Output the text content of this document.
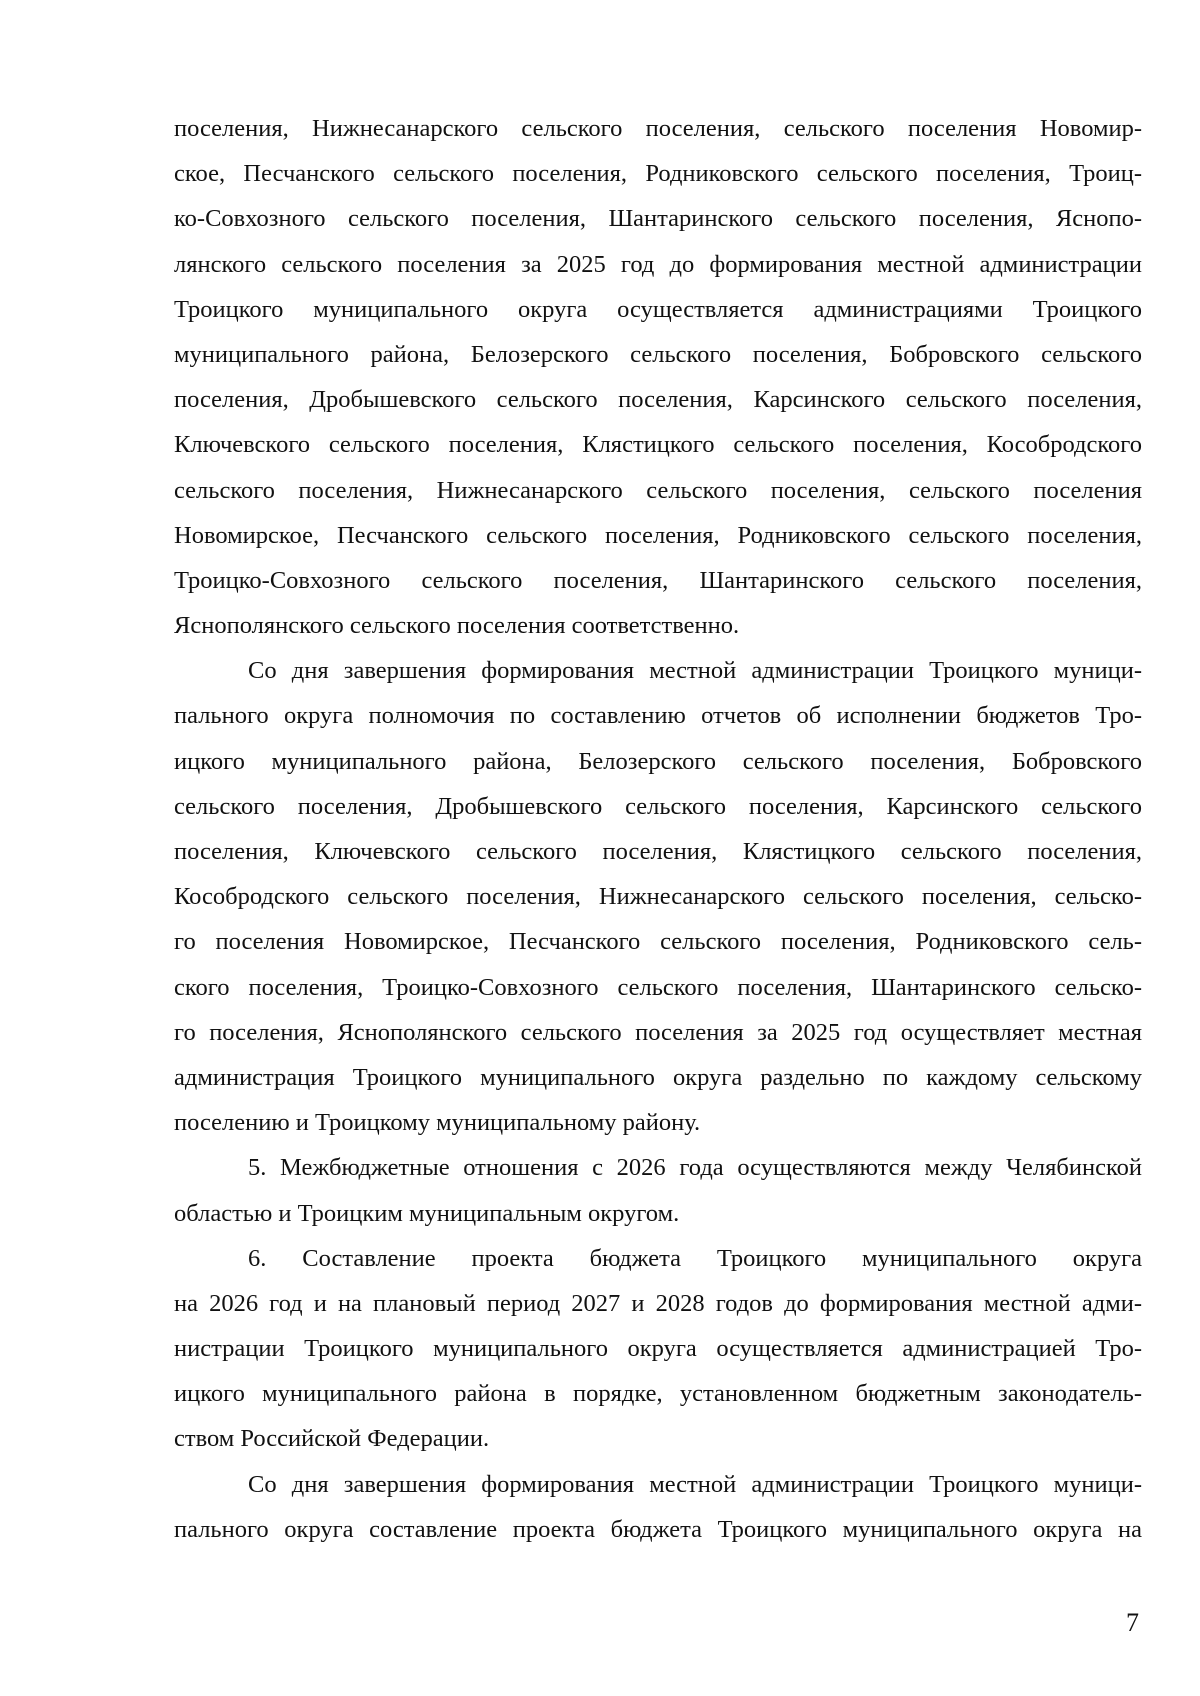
поселения, Нижнесанарского сельского поселения, сельского поселения Новомир-
ское, Песчанского сельского поселения, Родниковского сельского поселения, Троиц-
ко-Совхозного сельского поселения, Шантаринского сельского поселения, Яснопо-
лянского сельского поселения за 2025 год до формирования местной администрации
Троицкого муниципального округа осуществляется администрациями Троицкого
муниципального района, Белозерского сельского поселения, Бобровского сельского
поселения, Дробышевского сельского поселения, Карсинского сельского поселения,
Ключевского сельского поселения, Клястицкого сельского поселения, Кособродского
сельского поселения, Нижнесанарского сельского поселения, сельского поселения
Новомирское, Песчанского сельского поселения, Родниковского сельского поселения,
Троицко-Совхозного сельского поселения, Шантаринского сельского поселения,
Яснополянского сельского поселения соответственно.
Со дня завершения формирования местной администрации Троицкого муници-
пального округа полномочия по составлению отчетов об исполнении бюджетов Тро-
ицкого муниципального района, Белозерского сельского поселения, Бобровского
сельского поселения, Дробышевского сельского поселения, Карсинского сельского
поселения, Ключевского сельского поселения, Клястицкого сельского поселения,
Кособродского сельского поселения, Нижнесанарского сельского поселения, сельско-
го поселения Новомирское, Песчанского сельского поселения, Родниковского сель-
ского поселения, Троицко-Совхозного сельского поселения, Шантаринского сельско-
го поселения, Яснополянского сельского поселения за 2025 год осуществляет местная
администрация Троицкого муниципального округа раздельно по каждому сельскому
поселению и Троицкому муниципальному району.
5. Межбюджетные отношения с 2026 года осуществляются между Челябинской
областью и Троицким муниципальным округом.
6. Составление проекта бюджета Троицкого муниципального округа
на 2026 год и на плановый период 2027 и 2028 годов до формирования местной адми-
нистрации Троицкого муниципального округа осуществляется администрацией Тро-
ицкого муниципального района в порядке, установленном бюджетным законодатель-
ством Российской Федерации.
Со дня завершения формирования местной администрации Троицкого муници-
пального округа составление проекта бюджета Троицкого муниципального округа на
7
